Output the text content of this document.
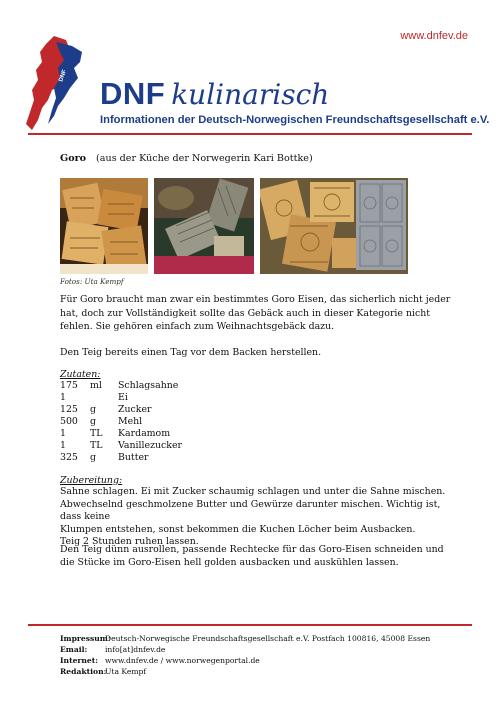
www.dnfev.de
DNF
DNF kulinarisch
Informationen der Deutsch-Norwegischen Freundschaftsgesellschaft e.V.
Goro (aus der Küche der Norwegerin Kari Bottke)
Fotos: Uta Kempf
Für Goro braucht man zwar ein bestimmtes Goro Eisen, das sicherlich nicht jeder hat, doch zur Vollständigkeit sollte das Gebäck auch in dieser Kategorie nicht fehlen. Sie gehören einfach zum Weihnachtsgebäck dazu.
Den Teig bereits einen Tag vor dem Backen herstellen.
Zutaten:
175 ml Schlagsahne
1	Ei
125 g Zucker
500 g Mehl
1	TL Kardamom
1	TL Vanillezucker
325 g Butter
Zubereitung:
Sahne schlagen. Ei mit Zucker schaumig schlagen und unter die Sahne mischen.
Abwechselnd geschmolzene Butter und Gewürze darunter mischen. Wichtig ist, dass keine
Klumpen entstehen, sonst bekommen die Kuchen Löcher beim Ausbacken.
Teig 2 Stunden ruhen lassen.
Den Teig dünn ausrollen, passende Rechtecke für das Goro-Eisen schneiden und die Stücke im Goro-Eisen hell golden ausbacken und auskühlen lassen.
Impressum:Deutsch-Norwegische Freundschaftsgesellschaft e.V. Postfach 100816, 45008 Essen
Email: info[at]dnfev.de
Internet: www.dnfev.de / www.norwegenportal.de
Redaktion:Uta Kempf
